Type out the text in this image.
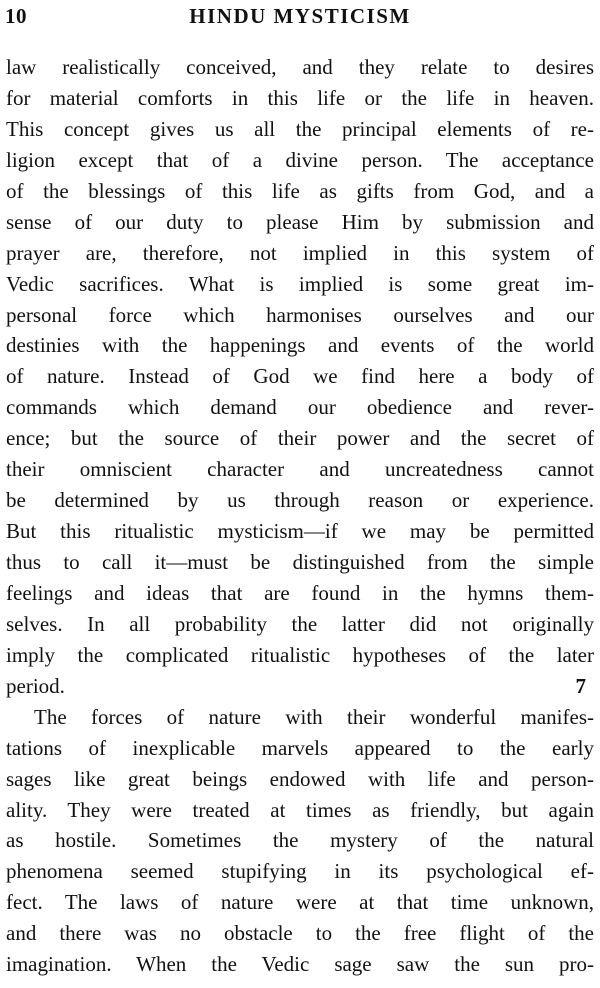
10	HINDU MYSTICISM
law realistically conceived, and they relate to desires
for material comforts in this life or the life in heaven.
This concept gives us all the principal elements of re-
ligion except that of a divine person. The acceptance
of the blessings of this life as gifts from God, and a
sense of our duty to please Him by submission and
prayer are, therefore, not implied in this system of
Vedic sacrifices. What is implied is some great im-
personal force which harmonises ourselves and our
destinies with the happenings and events of the world
of nature. Instead of God we find here a body of
commands which demand our obedience and rever-
ence; but the source of their power and the secret of
their omniscient character and uncreatedness cannot
be determined by us through reason or experience.
But this ritualistic mysticism—if we may be permitted
thus to call it—must be distinguished from the simple
feelings and ideas that are found in the hymns them-
selves. In all probability the latter did not originally
imply the complicated ritualistic hypotheses of the later
period.	7
The forces of nature with their wonderful manifes-
tations of inexplicable marvels appeared to the early
sages like great beings endowed with life and person-
ality. They were treated at times as friendly, but again
as hostile. Sometimes the mystery of the natural
phenomena seemed stupifying in its psychological ef-
fect. The laws of nature were at that time unknown,
and there was no obstacle to the free flight of the
imagination. When the Vedic sage saw the sun pro-
